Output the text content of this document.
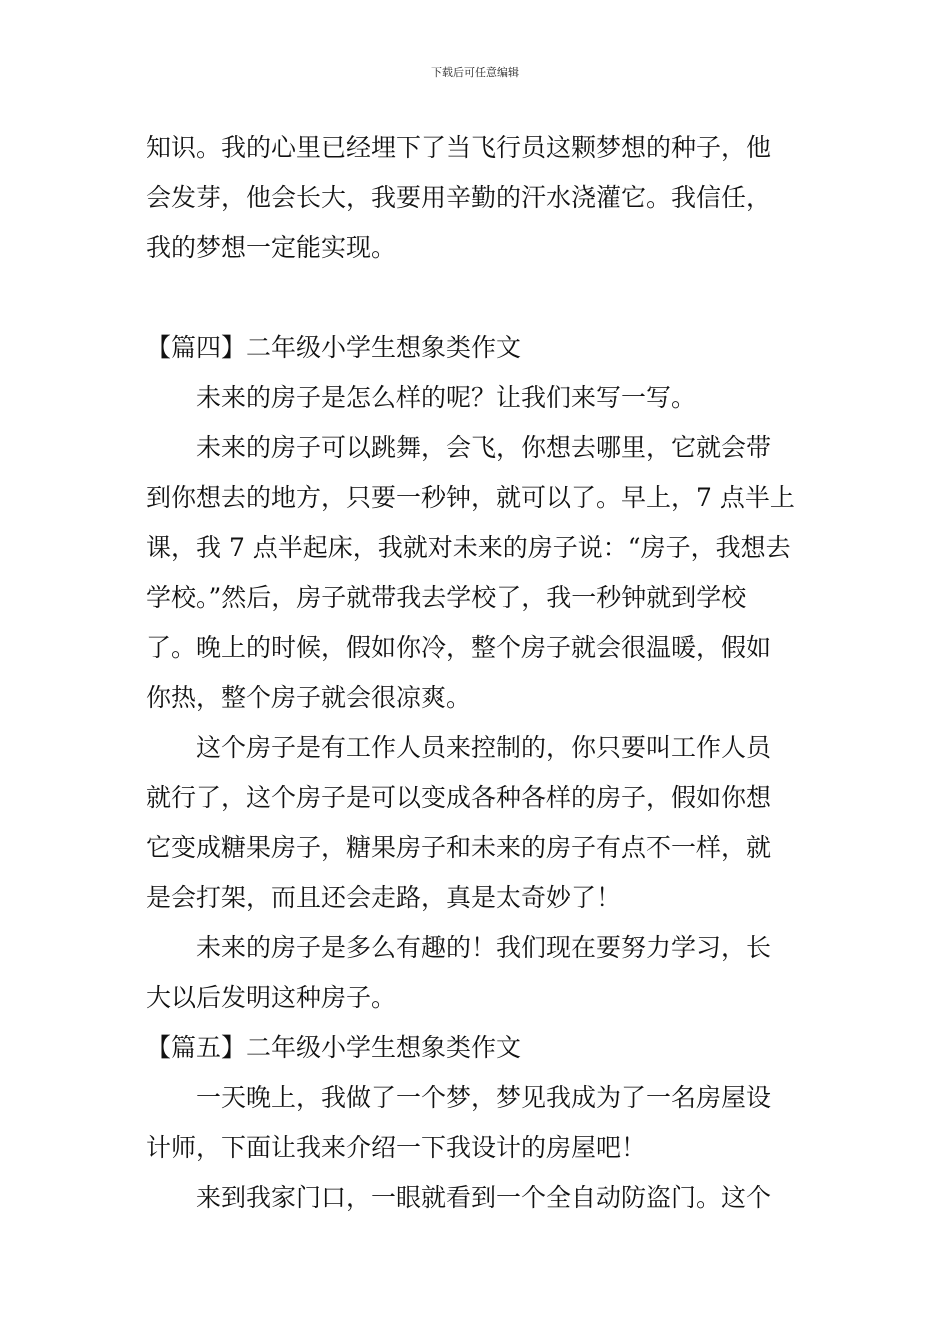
下载后可任意编辑
知识。我的心里已经埋下了当飞行员这颗梦想的种子，他
会发芽，他会长大，我要用辛勤的汗水浇灌它。我信任，
我的梦想一定能实现。
【篇四】二年级小学生想象类作文
　　未来的房子是怎么样的呢？让我们来写一写。
　　未来的房子可以跳舞，会飞，你想去哪里，它就会带
到你想去的地方，只要一秒钟，就可以了。早上，7 点半上
课，我 7 点半起床，我就对未来的房子说：“房子，我想去
学校。”然后，房子就带我去学校了，我一秒钟就到学校
了。晚上的时候，假如你冷，整个房子就会很温暖，假如
你热，整个房子就会很凉爽。
　　这个房子是有工作人员来控制的，你只要叫工作人员
就行了，这个房子是可以变成各种各样的房子，假如你想
它变成糖果房子，糖果房子和未来的房子有点不一样，就
是会打架，而且还会走路，真是太奇妙了！
　　未来的房子是多么有趣的！我们现在要努力学习，长
大以后发明这种房子。
【篇五】二年级小学生想象类作文
　　一天晚上，我做了一个梦，梦见我成为了一名房屋设
计师，下面让我来介绍一下我设计的房屋吧！
　　来到我家门口，一眼就看到一个全自动防盗门。这个
